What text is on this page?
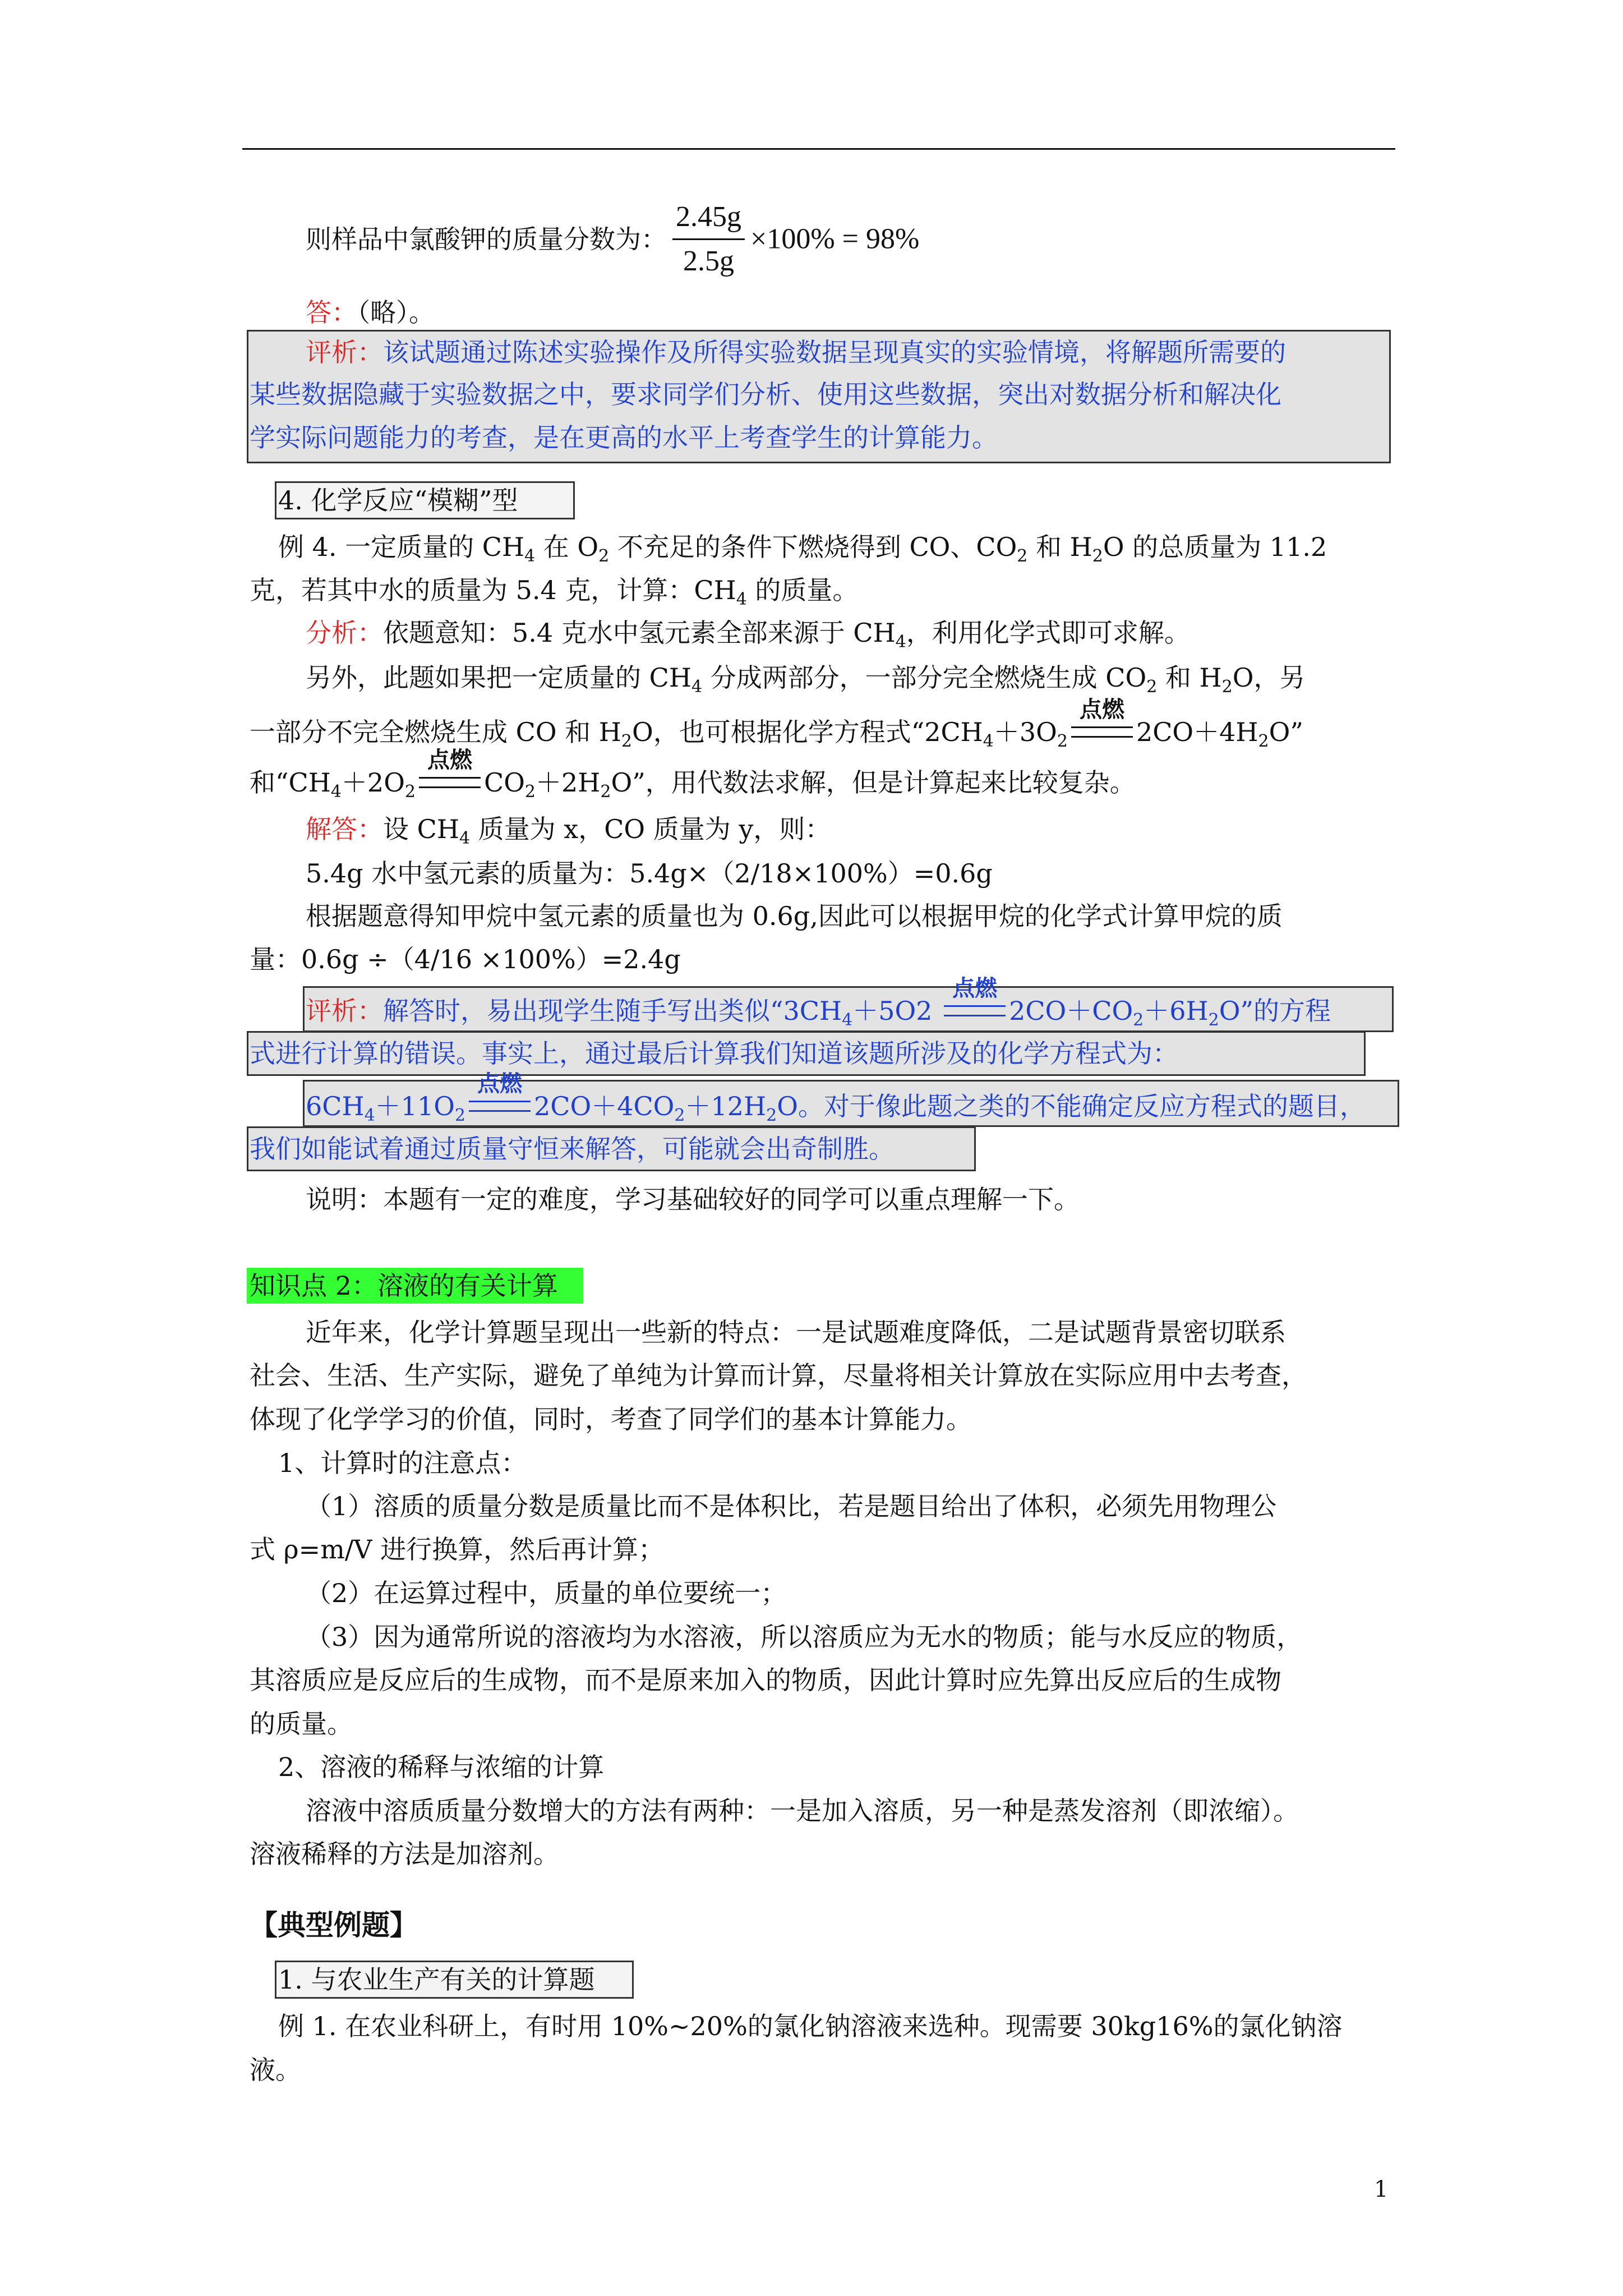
则样品中氯酸钾的质量分数为： $\frac{2.45g}{2.5g} \times 100\% = 98\%$
答：（略）。
评析：该试题通过陈述实验操作及所得实验数据呈现真实的实验情境，将解题所需要的
某些数据隐藏于实验数据之中，要求同学们分析、使用这些数据，突出对数据分析和解决化
学实际问题能力的考查，是在更高的水平上考查学生的计算能力。
4. 化学反应“模糊”型
例 4. 一定质量的 $CH_4$ 在 $O_2$ 不充足的条件下燃烧得到 CO、$CO_2$ 和 $H_2O$ 的总质量为 11.2
克，若其中水的质量为 5.4 克，计算：$CH_4$ 的质量。
分析：依题意知：5.4 克水中氢元素全部来源于 $CH_4$，利用化学式即可求解。
另外，此题如果把一定质量的 $CH_4$ 分成两部分，一部分完全燃烧生成 $CO_2$ 和 $H_2O$，另
一部分不完全燃烧生成 CO 和 $H_2O$，也可根据化学方程式“$2CH_4+3O_2$
点燃
$2CO+4H_2O$”
和“$CH_4+2O_2$
点燃
$CO_2+2H_2O$”，用代数法求解，但是计算起来比较复杂。
解答：设 $CH_4$ 质量为 x，CO 质量为 y，则：
5.4g 水中氢元素的质量为：5.4g×（2/18×100%）=0.6g
根据题意得知甲烷中氢元素的质量也为 0.6g,因此可以根据甲烷的化学式计算甲烷的质
量：0.6g ÷（4/16 ×100%）=2.4g
评析：解答时，易出现学生随手写出类似“$3CH_4+5O2$
点燃
$2CO+CO_2+6H_2O$”的方程
式进行计算的错误。事实上，通过最后计算我们知道该题所涉及的化学方程式为：
$6CH_4+11O_2$
点燃
$2CO+4CO_2+12H_2O$。对于像此题之类的不能确定反应方程式的题目，
我们如能试着通过质量守恒来解答，可能就会出奇制胜。
说明：本题有一定的难度，学习基础较好的同学可以重点理解一下。
知识点 2：溶液的有关计算
近年来，化学计算题呈现出一些新的特点：一是试题难度降低，二是试题背景密切联系
社会、生活、生产实际，避免了单纯为计算而计算，尽量将相关计算放在实际应用中去考查，
体现了化学学习的价值，同时，考查了同学们的基本计算能力。
1、计算时的注意点：
（1）溶质的质量分数是质量比而不是体积比，若是题目给出了体积，必须先用物理公
式 ρ=m/V 进行换算，然后再计算；
（2）在运算过程中，质量的单位要统一；
（3）因为通常所说的溶液均为水溶液，所以溶质应为无水的物质；能与水反应的物质，
其溶质应是反应后的生成物，而不是原来加入的物质，因此计算时应先算出反应后的生成物
的质量。
2、溶液的稀释与浓缩的计算
溶液中溶质质量分数增大的方法有两种：一是加入溶质，另一种是蒸发溶剂（即浓缩）。
溶液稀释的方法是加溶剂。
【典型例题】
1. 与农业生产有关的计算题
例 1. 在农业科研上，有时用 10%~20%的氯化钠溶液来选种。现需要 30kg16%的氯化钠溶
液。
1
